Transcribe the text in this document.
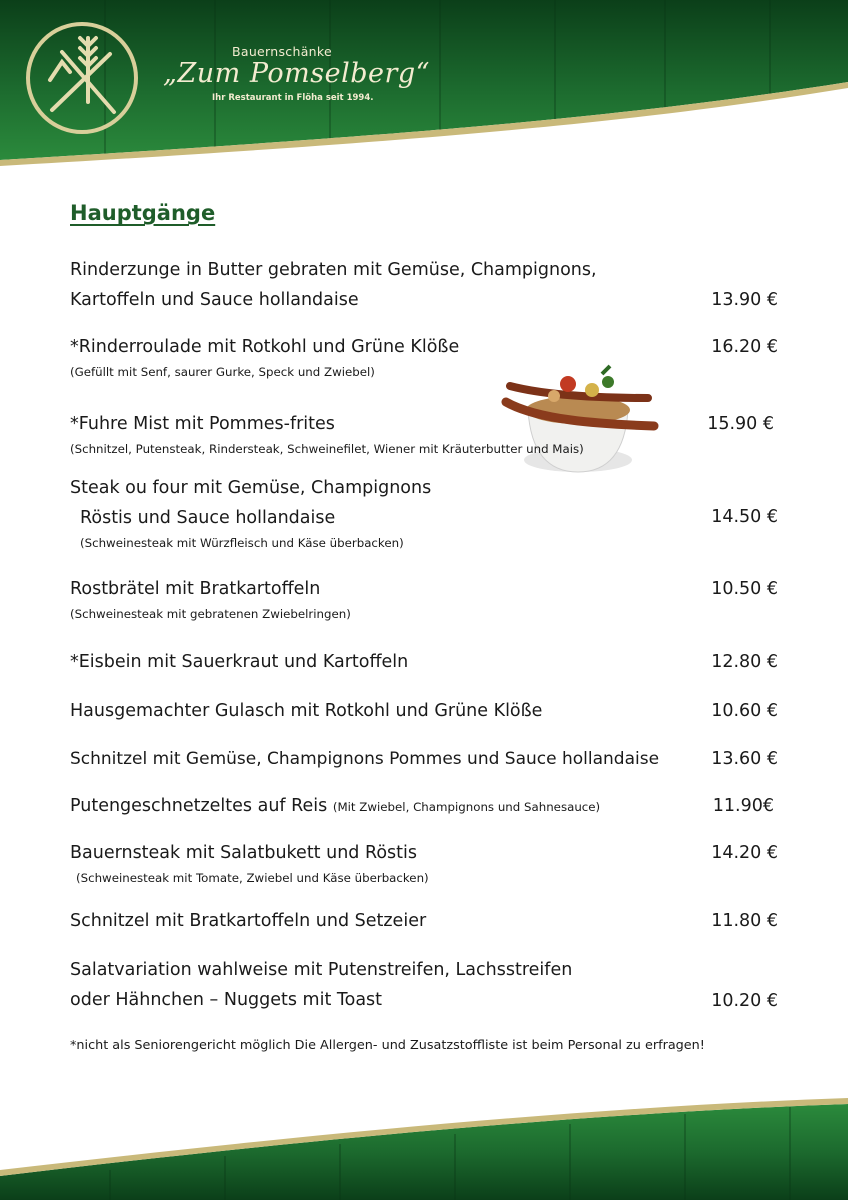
Bauernschänke
„Zum Pomselberg“
Ihr Restaurant in Flöha seit 1994.
Hauptgänge
Rinderzunge in Butter gebraten mit Gemüse, Champignons,
Kartoffeln und Sauce hollandaise	13.90 €
*Rinderroulade mit Rotkohl und Grüne Klöße
(Gefüllt mit Senf, saurer Gurke, Speck und Zwiebel)
16.20 €
*Fuhre Mist mit Pommes-frites
(Schnitzel, Putensteak, Rindersteak, Schweinefilet, Wiener mit Kräuterbutter und Mais)
15.90 €
Steak ou four mit Gemüse, Champignons
Röstis und Sauce hollandaise
(Schweinesteak mit Würzfleisch und Käse überbacken)
14.50 €
Rostbrätel mit Bratkartoffeln
(Schweinesteak mit gebratenen Zwiebelringen)
10.50 €
*Eisbein mit Sauerkraut und Kartoffeln	12.80 €
Hausgemachter Gulasch mit Rotkohl und Grüne Klöße	10.60 €
Schnitzel mit Gemüse, Champignons Pommes und Sauce hollandaise	13.60 €
Putengeschnetzeltes auf Reis (Mit Zwiebel, Champignons und Sahnesauce)	11.90€
Bauernsteak mit Salatbukett und Röstis
(Schweinesteak mit Tomate, Zwiebel und Käse überbacken)
14.20 €
Schnitzel mit Bratkartoffeln und Setzeier	11.80 €
Salatvariation wahlweise mit Putenstreifen, Lachsstreifen
oder Hähnchen – Nuggets mit Toast	10.20 €
*nicht als Seniorengericht möglich Die Allergen- und Zusatzstoffliste ist beim Personal zu erfragen!
